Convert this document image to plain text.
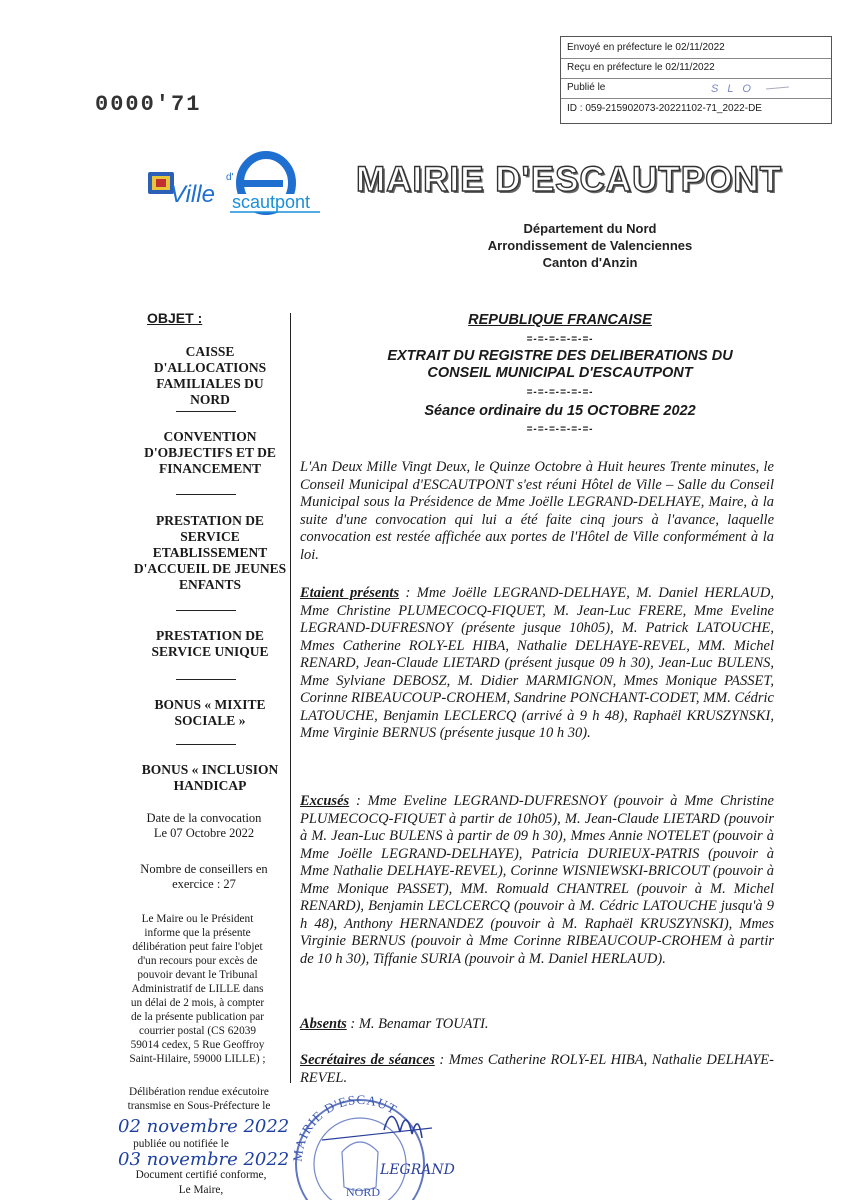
Envoyé en préfecture le 02/11/2022
Reçu en préfecture le 02/11/2022
Publié le	S L O
ID : 059-215902073-20221102-71_2022-DE
0000'71
Ville
d'
scautpont
MAIRIE D'ESCAUTPONT
Département du Nord
Arrondissement de Valenciennes
Canton d'Anzin
OBJET :
CAISSE
D'ALLOCATIONS
FAMILIALES DU NORD
CONVENTION
D'OBJECTIFS ET DE
FINANCEMENT
PRESTATION DE
SERVICE
ETABLISSEMENT
D'ACCUEIL DE JEUNES
ENFANTS
PRESTATION DE
SERVICE UNIQUE
BONUS « MIXITE
SOCIALE »
BONUS « INCLUSION
HANDICAP
Date de la convocation
Le 07 Octobre 2022
Nombre de conseillers en
exercice : 27
Le Maire ou le Président
informe que la présente
délibération peut faire l'objet
d'un recours pour excès de
pouvoir devant le Tribunal
Administratif de LILLE dans
un délai de 2 mois, à compter
de la présente publication par
courrier postal (CS 62039
59014 cedex, 5 Rue Geoffroy
Saint-Hilaire, 59000 LILLE) ;
Délibération rendue exécutoire
transmise en Sous-Préfecture le
02 novembre 2022
publiée ou notifiée le
03 novembre 2022
Document certifié conforme,
Le Maire,
REPUBLIQUE FRANCAISE
=-=-=-=-=-=-
EXTRAIT DU REGISTRE DES DELIBERATIONS DU
CONSEIL MUNICIPAL D'ESCAUTPONT
=-=-=-=-=-=-
Séance ordinaire du 15 OCTOBRE 2022
=-=-=-=-=-=-
L'An Deux Mille Vingt Deux, le Quinze Octobre à Huit heures Trente minutes, le Conseil Municipal d'ESCAUTPONT s'est réuni Hôtel de Ville – Salle du Conseil Municipal sous la Présidence de Mme Joëlle LEGRAND-DELHAYE, Maire, à la suite d'une convocation qui lui a été faite cinq jours à l'avance, laquelle convocation est restée affichée aux portes de l'Hôtel de Ville conformément à la loi.
Etaient présents : Mme Joëlle LEGRAND-DELHAYE, M. Daniel HERLAUD, Mme Christine PLUMECOCQ-FIQUET, M. Jean-Luc FRERE, Mme Eveline LEGRAND-DUFRESNOY (présente jusque 10h05), M. Patrick LATOUCHE, Mmes Catherine ROLY-EL HIBA, Nathalie DELHAYE-REVEL, MM. Michel RENARD, Jean-Claude LIETARD (présent jusque 09 h 30), Jean-Luc BULENS, Mme Sylviane DEBOSZ, M. Didier MARMIGNON, Mmes Monique PASSET, Corinne RIBEAUCOUP-CROHEM, Sandrine PONCHANT-CODET, MM. Cédric LATOUCHE, Benjamin LECLERCQ (arrivé à 9 h 48), Raphaël KRUSZYNSKI, Mme Virginie BERNUS (présente jusque 10 h 30).
Excusés : Mme Eveline LEGRAND-DUFRESNOY (pouvoir à Mme Christine PLUMECOCQ-FIQUET à partir de 10h05), M. Jean-Claude LIETARD (pouvoir à M. Jean-Luc BULENS à partir de 09 h 30), Mmes Annie NOTELET (pouvoir à Mme Joëlle LEGRAND-DELHAYE), Patricia DURIEUX-PATRIS (pouvoir à Mme Nathalie DELHAYE-REVEL), Corinne WISNIEWSKI-BRICOUT (pouvoir à Mme Monique PASSET), MM. Romuald CHANTREL (pouvoir à M. Michel RENARD), Benjamin LECLCERCQ (pouvoir à M. Cédric LATOUCHE jusqu'à 9 h 48), Anthony HERNANDEZ (pouvoir à M. Raphaël KRUSZYNSKI), Mmes Virginie BERNUS (pouvoir à Mme Corinne RIBEAUCOUP-CROHEM à partir de 10 h 30), Tiffanie SURIA (pouvoir à M. Daniel HERLAUD).
Absents : M. Benamar TOUATI.
Secrétaires de séances : Mmes Catherine ROLY-EL HIBA, Nathalie DELHAYE-REVEL.
MAIRIE D'ESCAUT
NORD
LEGRAND
